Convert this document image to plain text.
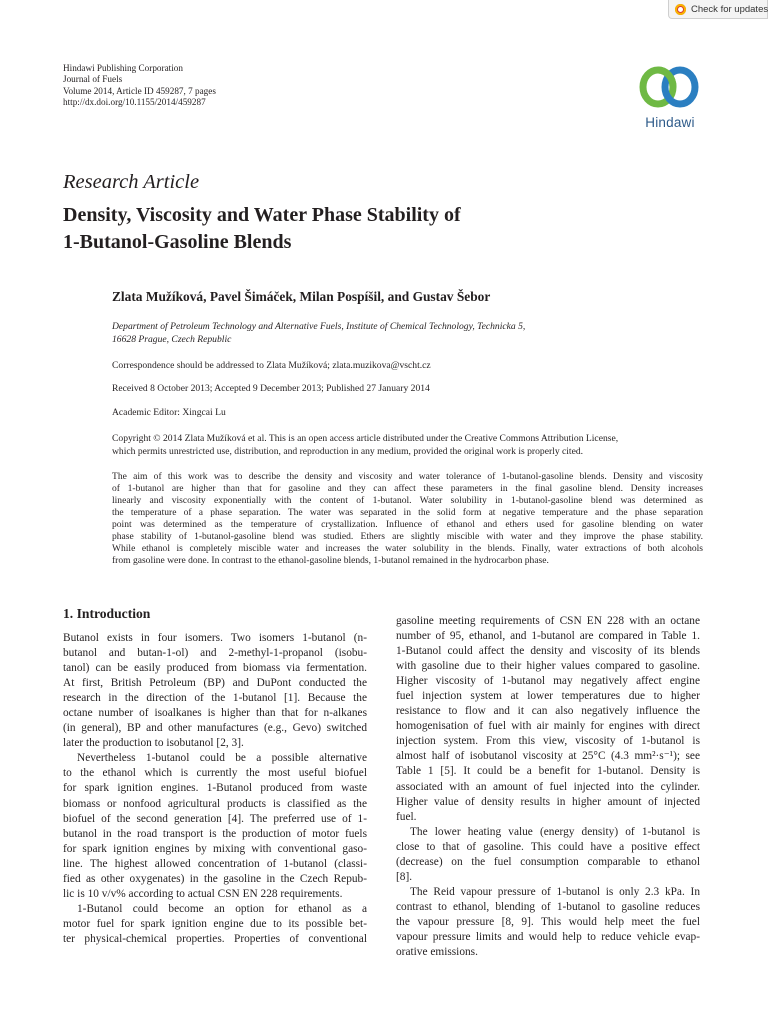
Check for updates
Hindawi Publishing Corporation
Journal of Fuels
Volume 2014, Article ID 459287, 7 pages
http://dx.doi.org/10.1155/2014/459287
Hindawi
Research Article
Density, Viscosity and Water Phase Stability of
1-Butanol-Gasoline Blends
Zlata Mužíková, Pavel Šimáček, Milan Pospíšil, and Gustav Šebor
Department of Petroleum Technology and Alternative Fuels, Institute of Chemical Technology, Technicka 5,
16628 Prague, Czech Republic
Correspondence should be addressed to Zlata Mužíková; zlata.muzikova@vscht.cz
Received 8 October 2013; Accepted 9 December 2013; Published 27 January 2014
Academic Editor: Xingcai Lu
Copyright © 2014 Zlata Mužíková et al. This is an open access article distributed under the Creative Commons Attribution License,
which permits unrestricted use, distribution, and reproduction in any medium, provided the original work is properly cited.
The aim of this work was to describe the density and viscosity and water tolerance of 1-butanol-gasoline blends. Density and viscosity
of 1-butanol are higher than that for gasoline and they can affect these parameters in the final gasoline blend. Density increases
linearly and viscosity exponentially with the content of 1-butanol. Water solubility in 1-butanol-gasoline blend was determined as
the temperature of a phase separation. The water was separated in the solid form at negative temperature and the phase separation
point was determined as the temperature of crystallization. Influence of ethanol and ethers used for gasoline blending on water
phase stability of 1-butanol-gasoline blend was studied. Ethers are slightly miscible with water and they improve the phase stability.
While ethanol is completely miscible water and increases the water solubility in the blends. Finally, water extractions of both alcohols
from gasoline were done. In contrast to the ethanol-gasoline blends, 1-butanol remained in the hydrocarbon phase.
1. Introduction
Butanol exists in four isomers. Two isomers 1-butanol (n-
butanol and butan-1-ol) and 2-methyl-1-propanol (isobu-
tanol) can be easily produced from biomass via fermentation.
At first, British Petroleum (BP) and DuPont conducted the
research in the direction of the 1-butanol [1]. Because the
octane number of isoalkanes is higher than that for n-alkanes
(in general), BP and other manufactures (e.g., Gevo) switched
later the production to isobutanol [2, 3].
Nevertheless 1-butanol could be a possible alternative
to the ethanol which is currently the most useful biofuel
for spark ignition engines. 1-Butanol produced from waste
biomass or nonfood agricultural products is classified as the
biofuel of the second generation [4]. The preferred use of 1-
butanol in the road transport is the production of motor fuels
for spark ignition engines by mixing with conventional gaso-
line. The highest allowed concentration of 1-butanol (classi-
fied as other oxygenates) in the gasoline in the Czech Repub-
lic is 10 v/v% according to actual CSN EN 228 requirements.
1-Butanol could become an option for ethanol as a
motor fuel for spark ignition engine due to its possible bet-
ter physical-chemical properties. Properties of conventional
gasoline meeting requirements of CSN EN 228 with an octane
number of 95, ethanol, and 1-butanol are compared in Table 1.
1-Butanol could affect the density and viscosity of its blends
with gasoline due to their higher values compared to gasoline.
Higher viscosity of 1-butanol may negatively affect engine
fuel injection system at lower temperatures due to higher
resistance to flow and it can also negatively influence the
homogenisation of fuel with air mainly for engines with direct
injection system. From this view, viscosity of 1-butanol is
almost half of isobutanol viscosity at 25°C (4.3 mm²·s⁻¹); see
Table 1 [5]. It could be a benefit for 1-butanol. Density is
associated with an amount of fuel injected into the cylinder.
Higher value of density results in higher amount of injected
fuel.
The lower heating value (energy density) of 1-butanol is
close to that of gasoline. This could have a positive effect
(decrease) on the fuel consumption comparable to ethanol
[8].
The Reid vapour pressure of 1-butanol is only 2.3 kPa. In
contrast to ethanol, blending of 1-butanol to gasoline reduces
the vapour pressure [8, 9]. This would help meet the fuel
vapour pressure limits and would help to reduce vehicle evap-
orative emissions.
